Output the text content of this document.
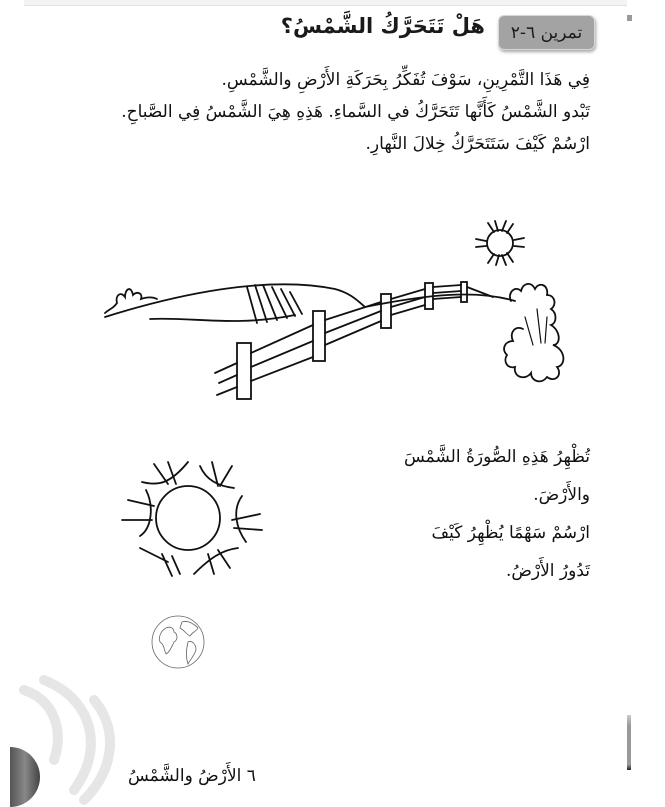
تمرين ٦-٢
هَلْ تَتَحَرَّكُ الشَّمْسُ؟

فِي هَذَا التَّمْرِينِ، سَوْفَ تُفَكِّرُ بِحَرَكَةِ الأَرْضِ والشَّمْسِ.

تَبْدو الشَّمْسُ كَأَنَّها تَتَحَرَّكُ في السَّماءِ. هَذِهِ هِيَ الشَّمْسُ فِي الصَّباحِ.

ارْسُمْ كَيْفَ سَتَتَحَرَّكُ خِلالَ النَّهارِ.

تُظْهِرُ هَذِهِ الصُّورَةُ الشَّمْسَ

والأَرْضَ.

ارْسُمْ سَهْمًا يُظْهِرُ كَيْفَ

تَدُورُ الأَرْضُ.

٦ الأَرْضُ والشَّمْسُ
